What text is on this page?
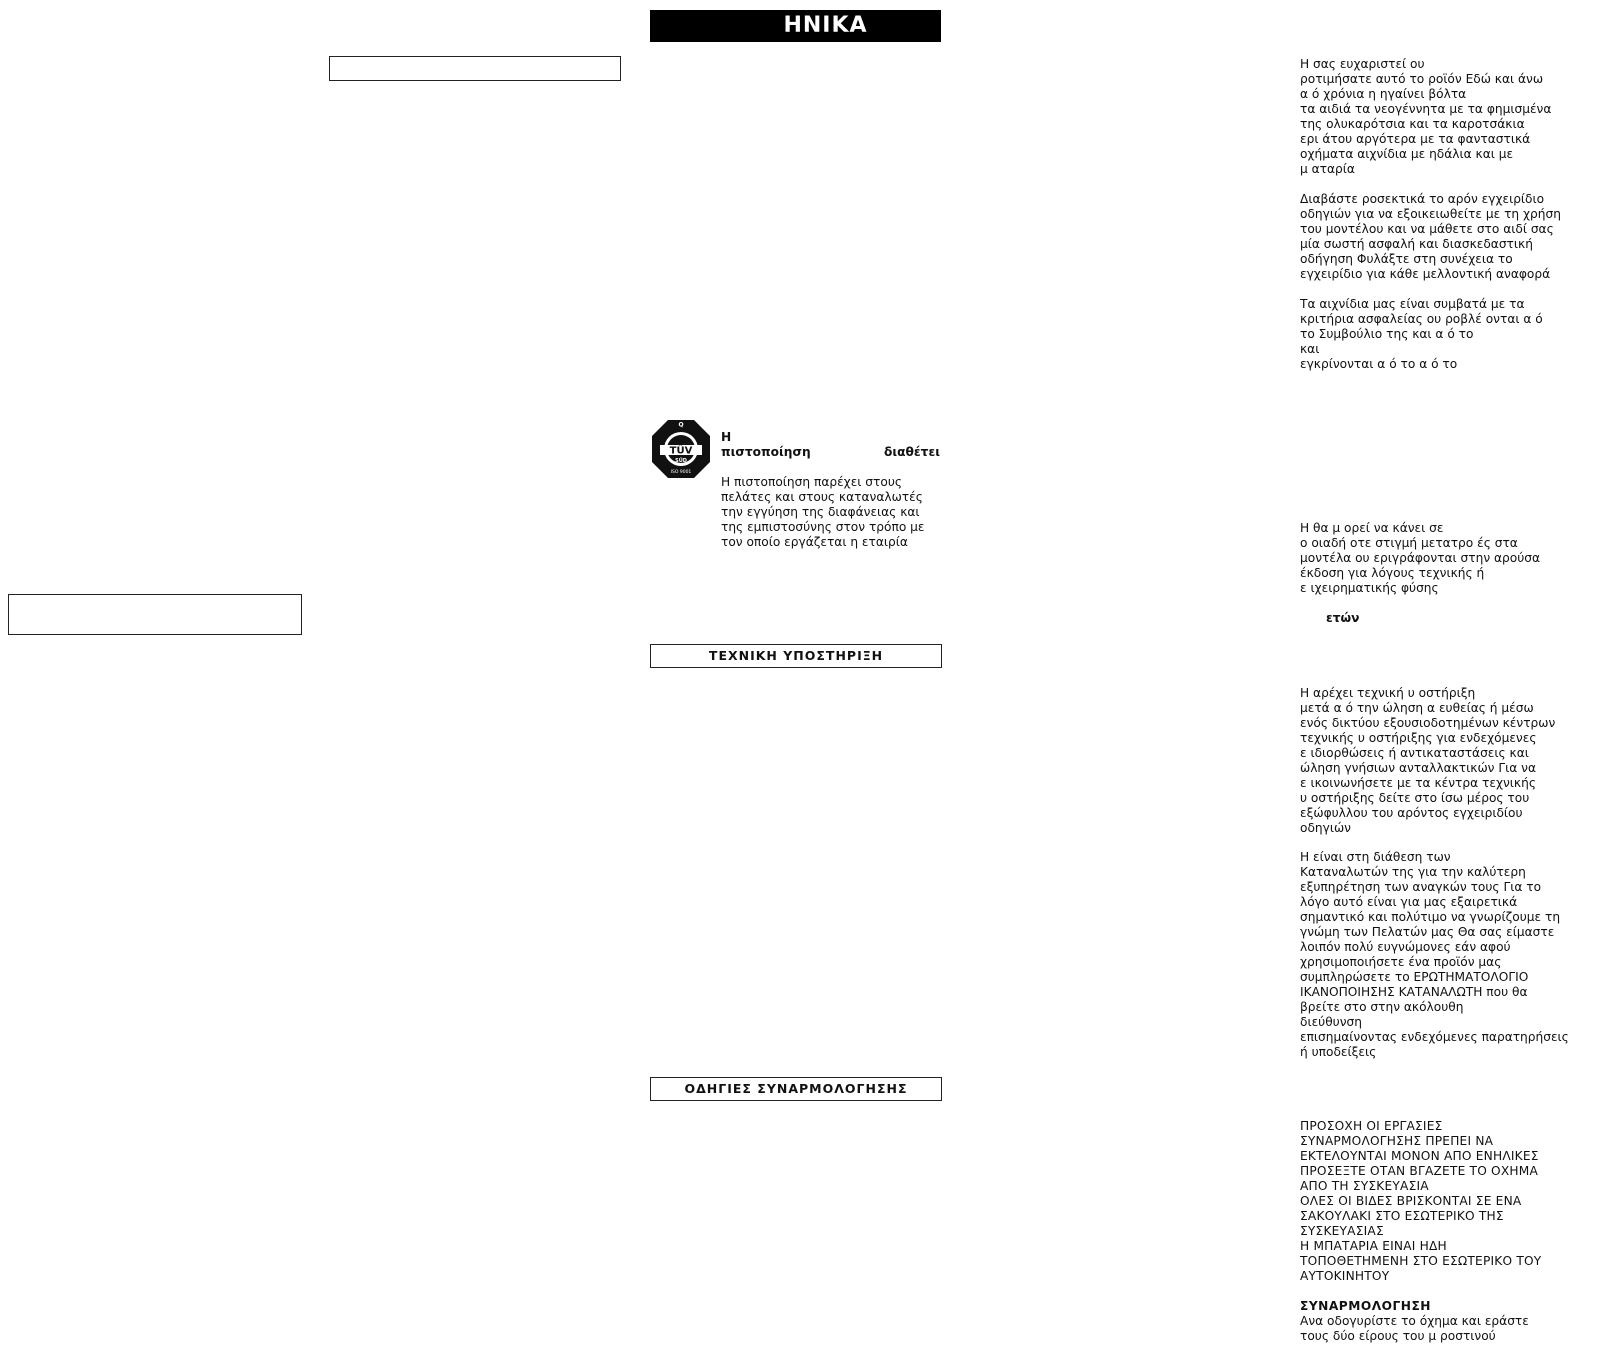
ΗΝΙΚΑ

Η σας ευχαριστεί ου
ροτιμήσατε αυτό το ροϊόν Εδώ και άνω
α ό χρόνια η ηγαίνει βόλτα
τα αιδιά τα νεογέννητα με τα φημισμένα
της ολυκαρότσια και τα καροτσάκια
ερι άτου αργότερα με τα φανταστικά
οχήματα αιχνίδια με ηδάλια και με
μ αταρία

Διαβάστε ροσεκτικά το αρόν εγχειρίδιο
οδηγιών για να εξοικειωθείτε με τη χρήση
του μοντέλου και να μάθετε στο αιδί σας
μία σωστή ασφαλή και διασκεδαστική
οδήγηση Φυλάξτε στη συνέχεια το
εγχειρίδιο για κάθε μελλοντική αναφορά

Τα αιχνίδια μας είναι συμβατά με τα
κριτήρια ασφαλείας ου ροβλέ ονται α ό
το Συμβούλιο της και α ό το
και
εγκρίνονται α ό το α ό το

Q
TÜV
SÜD
ISO 9001

Η

διαθέτει

πιστοποίηση

Η πιστοποίηση παρέχει στους
πελάτες και στους καταναλωτές
την εγγύηση της διαφάνειας και
της εμπιστοσύνης στον τρόπο με
τον οποίο εργάζεται η εταιρία

Η θα μ ορεί να κάνει σε
ο οιαδή οτε στιγμή μετατρο ές στα
μοντέλα ου εριγράφονται στην αρούσα
έκδοση για λόγους τεχνικής ή
ε ιχειρηματικής φύσης

ετών

ΤΕΧΝΙΚΗ ΥΠΟΣΤΗΡΙΞΗ

Η αρέχει τεχνική υ οστήριξη
μετά α ό την ώληση α ευθείας ή μέσω
ενός δικτύου εξουσιοδοτημένων κέντρων
τεχνικής υ οστήριξης για ενδεχόμενες
ε ιδιορθώσεις ή αντικαταστάσεις και
ώληση γνήσιων ανταλλακτικών Για να
ε ικοινωνήσετε με τα κέντρα τεχνικής
υ οστήριξης δείτε στο ίσω μέρος του
εξώφυλλου του αρόντος εγχειριδίου
οδηγιών

Η είναι στη διάθεση των
Καταναλωτών της για την καλύτερη
εξυπηρέτηση των αναγκών τους Για το
λόγο αυτό είναι για μας εξαιρετικά
σημαντικό και πολύτιμο να γνωρίζουμε τη
γνώμη των Πελατών μας Θα σας είμαστε
λοιπόν πολύ ευγνώμονες εάν αφού
χρησιμοποιήσετε ένα προϊόν μας
συμπληρώσετε το ΕΡΩΤΗΜΑΤΟΛΟΓΙΟ
ΙΚΑΝΟΠΟΙΗΣΗΣ ΚΑΤΑΝΑΛΩΤΗ που θα
βρείτε στο στην ακόλουθη
διεύθυνση
επισημαίνοντας ενδεχόμενες παρατηρήσεις
ή υποδείξεις

ΟΔΗΓΙΕΣ ΣΥΝΑΡΜΟΛΟΓΗΣΗΣ

ΠΡΟΣΟΧΗ ΟΙ ΕΡΓΑΣΙΕΣ
ΣΥΝΑΡΜΟΛΟΓΗΣΗΣ ΠΡΕΠΕΙ ΝΑ
ΕΚΤΕΛΟΥΝΤΑΙ ΜΟΝΟΝ ΑΠΟ ΕΝΗΛΙΚΕΣ
ΠΡΟΣΕΞΤΕ ΟΤΑΝ ΒΓΑΖΕΤΕ ΤΟ ΟΧΗΜΑ
ΑΠΟ ΤΗ ΣΥΣΚΕΥΑΣΙΑ
ΟΛΕΣ ΟΙ ΒΙΔΕΣ ΒΡΙΣΚΟΝΤΑΙ ΣΕ ΕΝΑ
ΣΑΚΟΥΛΑΚΙ ΣΤΟ ΕΣΩΤΕΡΙΚΟ ΤΗΣ
ΣΥΣΚΕΥΑΣΙΑΣ
Η ΜΠΑΤΑΡΙΑ ΕΙΝΑΙ ΗΔΗ
ΤΟΠΟΘΕΤΗΜΕΝΗ ΣΤΟ ΕΣΩΤΕΡΙΚΟ ΤΟΥ
ΑΥΤΟΚΙΝΗΤΟΥ

ΣΥΝΑΡΜΟΛΟΓΗΣΗ

Ανα οδογυρίστε το όχημα και εράστε
τους δύο είρους του μ ροστινού
